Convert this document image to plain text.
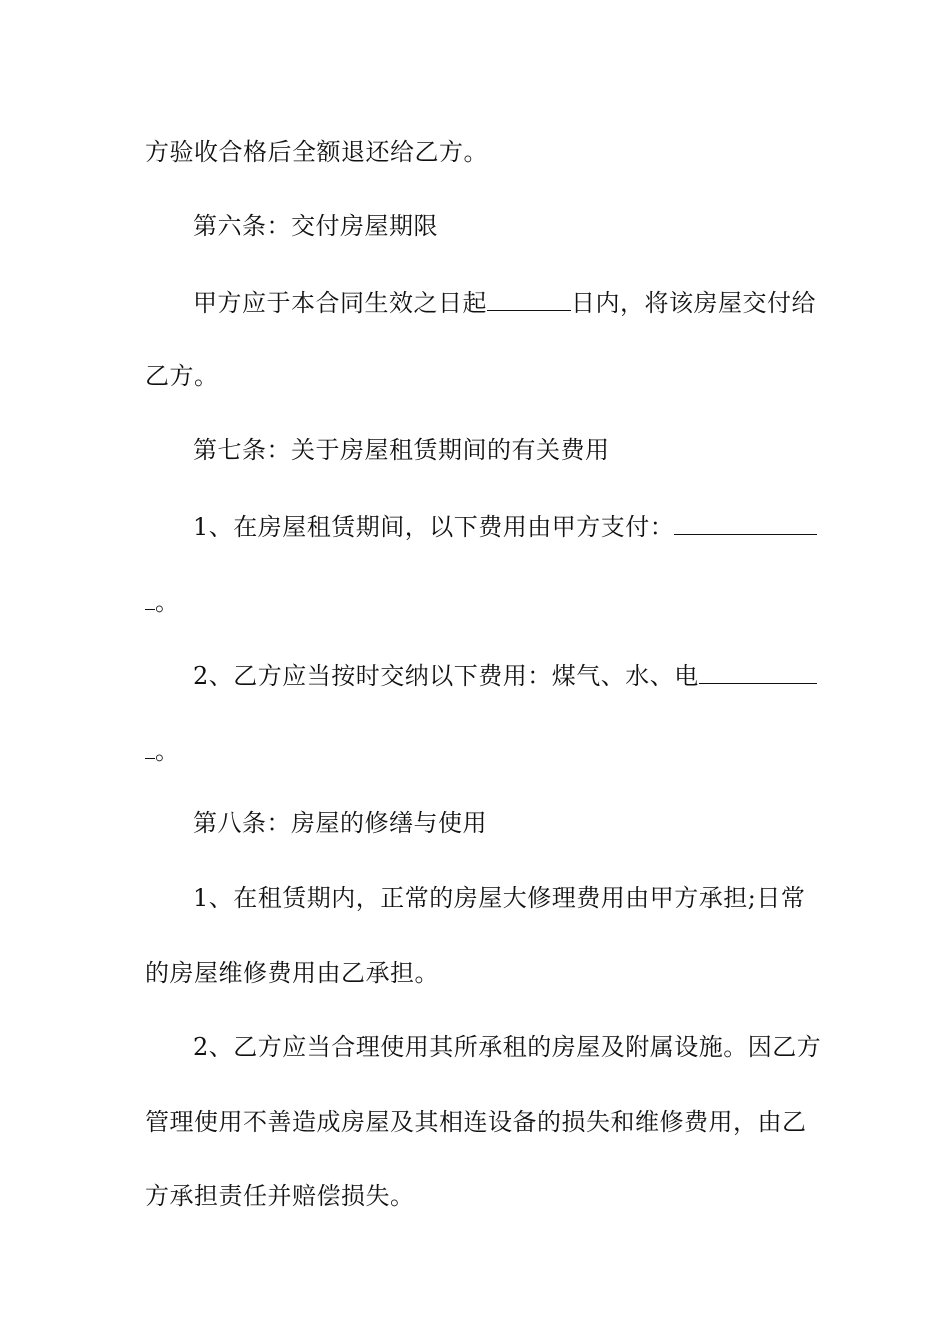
方验收合格后全额退还给乙方。
第六条：交付房屋期限
甲方应于本合同生效之日起	日内，将该房屋交付给
乙方。
第七条：关于房屋租赁期间的有关费用
1、在房屋租赁期间，以下费用由甲方支付：
。
2、乙方应当按时交纳以下费用：煤气、水、电
。
第八条：房屋的修缮与使用
1、在租赁期内，正常的房屋大修理费用由甲方承担;日常
的房屋维修费用由乙承担。
2、乙方应当合理使用其所承租的房屋及附属设施。因乙方
管理使用不善造成房屋及其相连设备的损失和维修费用，由乙
方承担责任并赔偿损失。
